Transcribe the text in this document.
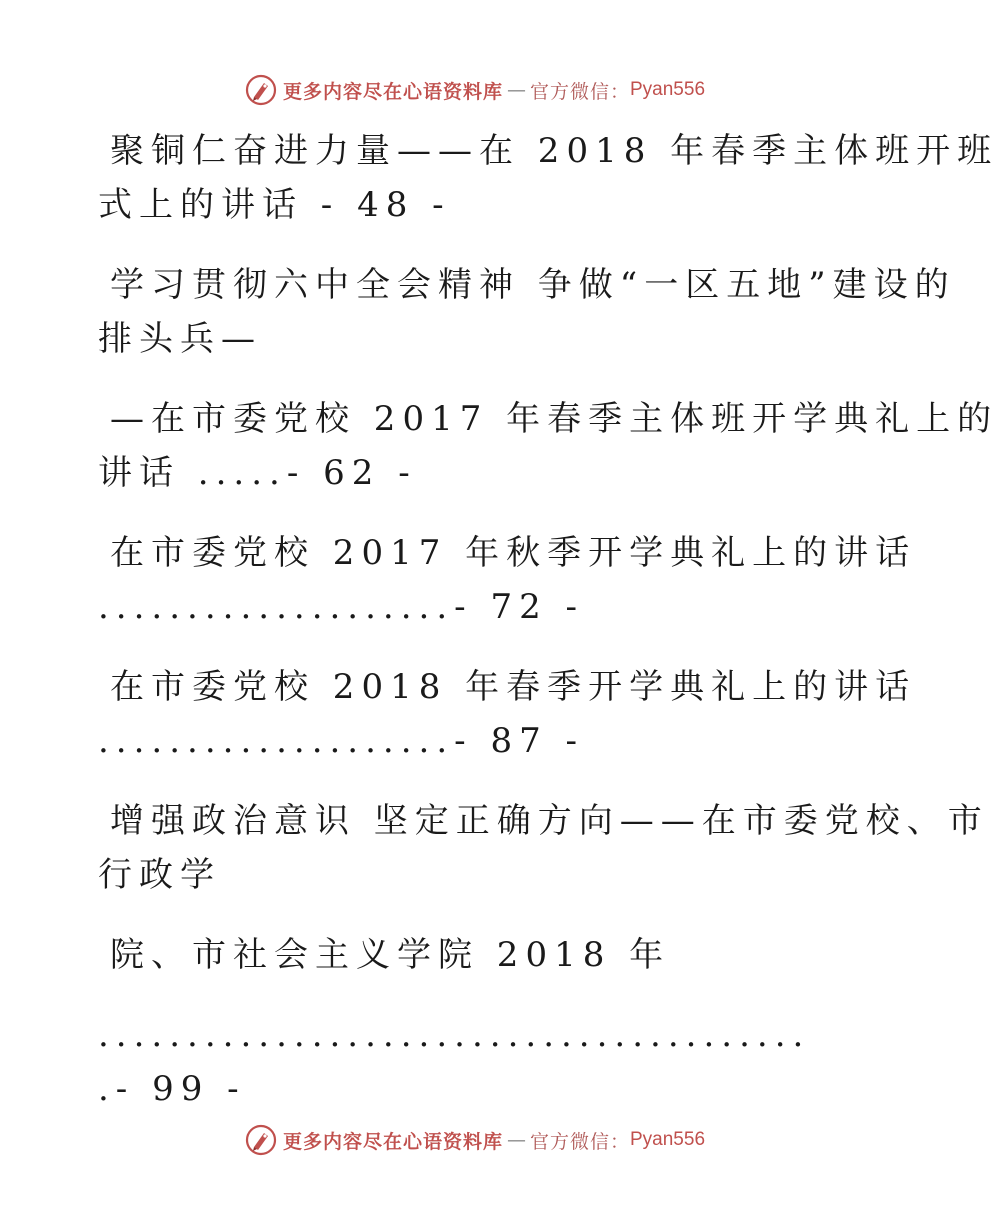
更多内容尽在心语资料库 — 官方微信： Pyan556
聚铜仁奋进力量——在 2018 年春季主体班开班
式上的讲话 - 48 -
学习贯彻六中全会精神 争做“一区五地”建设的
排头兵—
—在市委党校 2017 年春季主体班开学典礼上的
讲话 .....- 62 -
在市委党校 2017 年秋季开学典礼上的讲话
....................- 72 -
在市委党校 2018 年春季开学典礼上的讲话
....................- 87 -
增强政治意识 坚定正确方向——在市委党校、市
行政学
院、市社会主义学院 2018 年
........................................
.- 99 -
更多内容尽在心语资料库 — 官方微信： Pyan556
